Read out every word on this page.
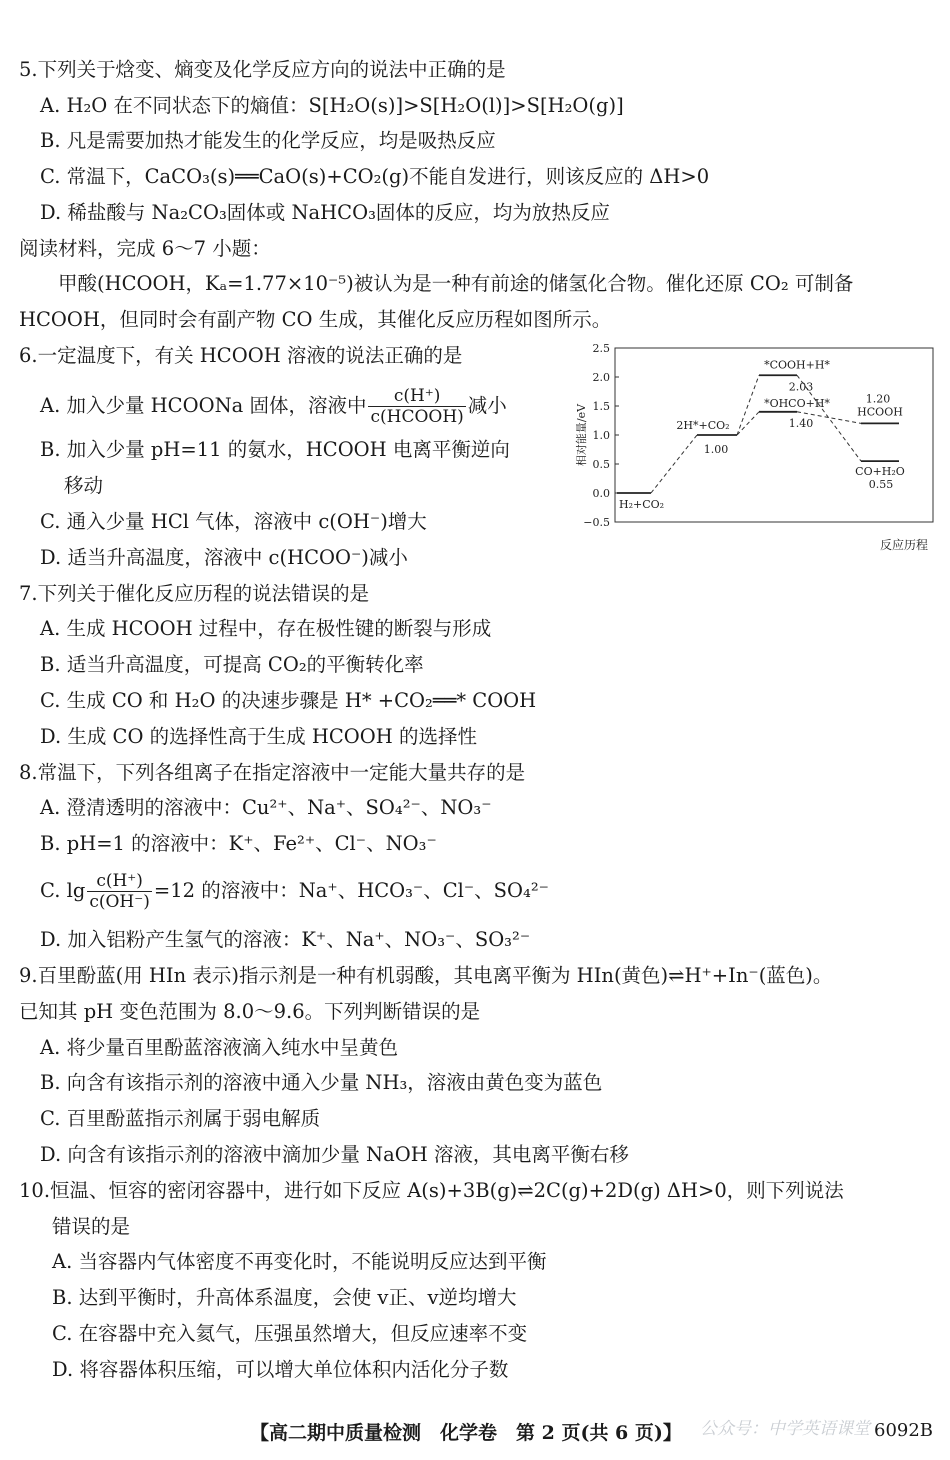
5.下列关于焓变、熵变及化学反应方向的说法中正确的是
A. H₂O 在不同状态下的熵值：S[H₂O(s)]>S[H₂O(l)]>S[H₂O(g)]
B. 凡是需要加热才能发生的化学反应，均是吸热反应
C. 常温下，CaCO₃(s)══CaO(s)+CO₂(g)不能自发进行，则该反应的 ΔH>0
D. 稀盐酸与 Na₂CO₃固体或 NaHCO₃固体的反应，均为放热反应
阅读材料，完成 6～7 小题：
甲酸(HCOOH，Kₐ=1.77×10⁻⁵)被认为是一种有前途的储氢化合物。催化还原 CO₂ 可制备
HCOOH，但同时会有副产物 CO 生成，其催化反应历程如图所示。
6.一定温度下，有关 HCOOH 溶液的说法正确的是
A. 加入少量 HCOONa 固体，溶液中 $\frac{c(H^+)}{\text{c(HCOOH)}}$ 减小
B. 加入少量 pH=11 的氨水，HCOOH 电离平衡逆向
移动
C. 通入少量 HCl 气体，溶液中 c(OH⁻)增大
D. 适当升高温度，溶液中 c(HCOO⁻)减小
2.5
2.0
1.5
1.0
0.5
0.0
−0.5
相对能量/eV
反应历程
H₂+CO₂
2H*+CO₂
*COOH+H*
*OHCO+H*
HCOOH
CO+H₂O
1.00
2.03
1.40
1.20
0.55
7.下列关于催化反应历程的说法错误的是
A. 生成 HCOOH 过程中，存在极性键的断裂与形成
B. 适当升高温度，可提高 CO₂的平衡转化率
C. 生成 CO 和 H₂O 的决速步骤是 H* +CO₂══* COOH
D. 生成 CO 的选择性高于生成 HCOOH 的选择性
8.常温下，下列各组离子在指定溶液中一定能大量共存的是
A. 澄清透明的溶液中：Cu²⁺、Na⁺、SO₄²⁻、NO₃⁻
B. pH=1 的溶液中：K⁺、Fe²⁺、Cl⁻、NO₃⁻
C. $\lg \frac{c(H^+)}{c(OH^-)} =12$ 的溶液中：Na⁺、HCO₃⁻、Cl⁻、SO₄²⁻
D. 加入铝粉产生氢气的溶液：K⁺、Na⁺、NO₃⁻、SO₃²⁻
9.百里酚蓝(用 HIn 表示)指示剂是一种有机弱酸，其电离平衡为 HIn(黄色)⇌H⁺+In⁻(蓝色)。
已知其 pH 变色范围为 8.0～9.6。下列判断错误的是
A. 将少量百里酚蓝溶液滴入纯水中呈黄色
B. 向含有该指示剂的溶液中通入少量 NH₃，溶液由黄色变为蓝色
C. 百里酚蓝指示剂属于弱电解质
D. 向含有该指示剂的溶液中滴加少量 NaOH 溶液，其电离平衡右移
10.恒温、恒容的密闭容器中，进行如下反应 A(s)+3B(g)⇌2C(g)+2D(g) ΔH>0，则下列说法
错误的是
A. 当容器内气体密度不再变化时，不能说明反应达到平衡
B. 达到平衡时，升高体系温度，会使 v正、v逆均增大
C. 在容器中充入氦气，压强虽然增大，但反应速率不变
D. 将容器体积压缩，可以增大单位体积内活化分子数
公众号：中学英语课堂
【高二期中质量检测　化学卷　第 2 页(共 6 页)】	6092B
